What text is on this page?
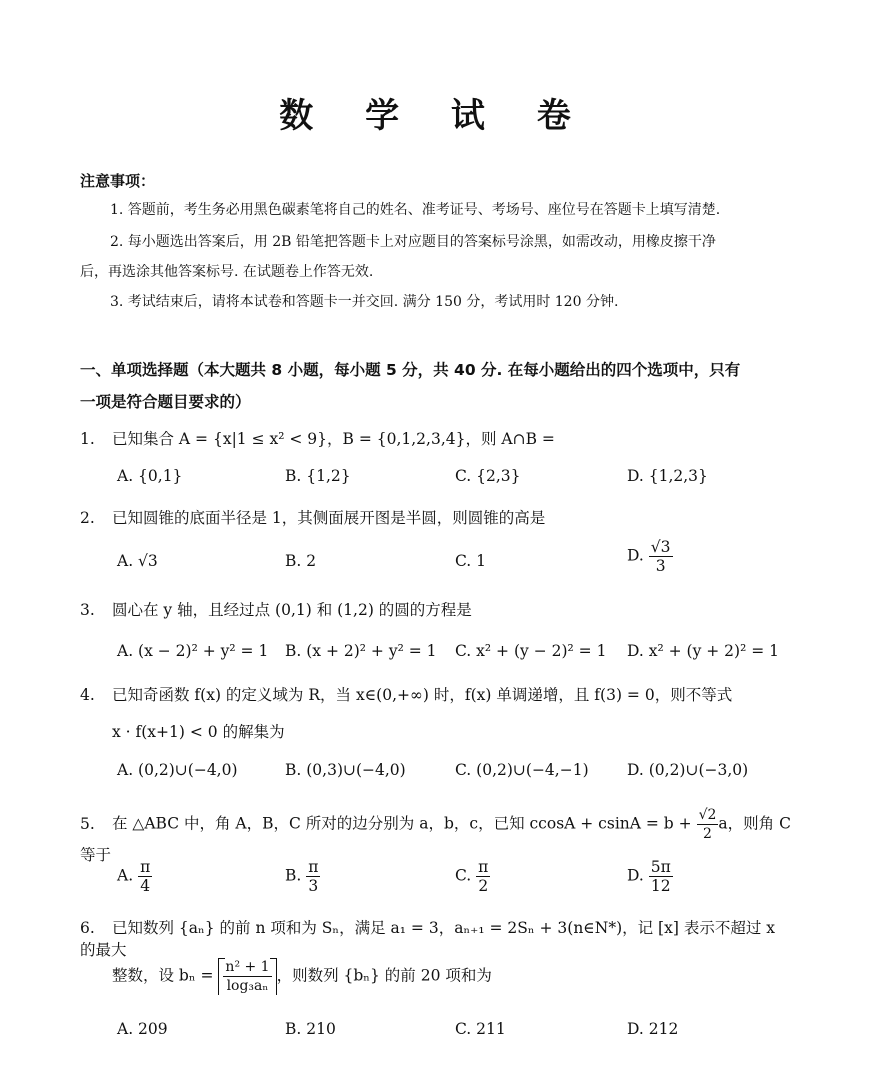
数 学 试 卷
注意事项：
1. 答题前，考生务必用黑色碳素笔将自己的姓名、准考证号、考场号、座位号在答题卡上填写清楚.
2. 每小题选出答案后，用 2B 铅笔把答题卡上对应题目的答案标号涂黑，如需改动，用橡皮擦干净
后，再选涂其他答案标号. 在试题卷上作答无效.
3. 考试结束后，请将本试卷和答题卡一并交回. 满分 150 分，考试用时 120 分钟.
一、单项选择题（本大题共 8 小题，每小题 5 分，共 40 分. 在每小题给出的四个选项中，只有
一项是符合题目要求的）
1. 已知集合 A = {x|1 ≤ x² < 9}，B = {0,1,2,3,4}，则 A∩B =
A. {0,1}	B. {1,2}	C. {2,3}	D. {1,2,3}
2. 已知圆锥的底面半径是 1，其侧面展开图是半圆，则圆锥的高是
A. √3	B. 2	C. 1	D. $\frac{√3}{3}$
3. 圆心在 y 轴，且经过点 (0,1) 和 (1,2) 的圆的方程是
A. (x − 2)² + y² = 1 B. (x + 2)² + y² = 1 C. x² + (y − 2)² = 1 D. x² + (y + 2)² = 1
4. 已知奇函数 f(x) 的定义域为 R，当 x∈(0,+∞) 时，f(x) 单调递增，且 f(3) = 0，则不等式
x · f(x+1) < 0 的解集为
A. (0,2)∪(−4,0)	B. (0,3)∪(−4,0)	C. (0,2)∪(−4,−1) D. (0,2)∪(−3,0)
5. 在 △ABC 中，角 A，B，C 所对的边分别为 a，b，c，已知 $ccosA + csinA = b + \frac{√2}{2}$ a，则角 C 等于
A. $\frac{\pi}{4}$	B. $\frac{\pi}{3}$	C. $\frac{\pi}{2}$	D. $\frac{5\pi}{12}$
6. 已知数列 {aₙ} 的前 n 项和为 Sₙ，满足 a₁ = 3，aₙ₊₁ = 2Sₙ + 3(n∈N*)，记 [x] 表示不超过 x 的最大
整数，设 $b_n = \frac{\text{n² + 1}}{\text{log₃aₙ}}$ ，则数列 {bₙ} 的前 20 项和为
A. 209	B. 210	C. 211	D. 212
